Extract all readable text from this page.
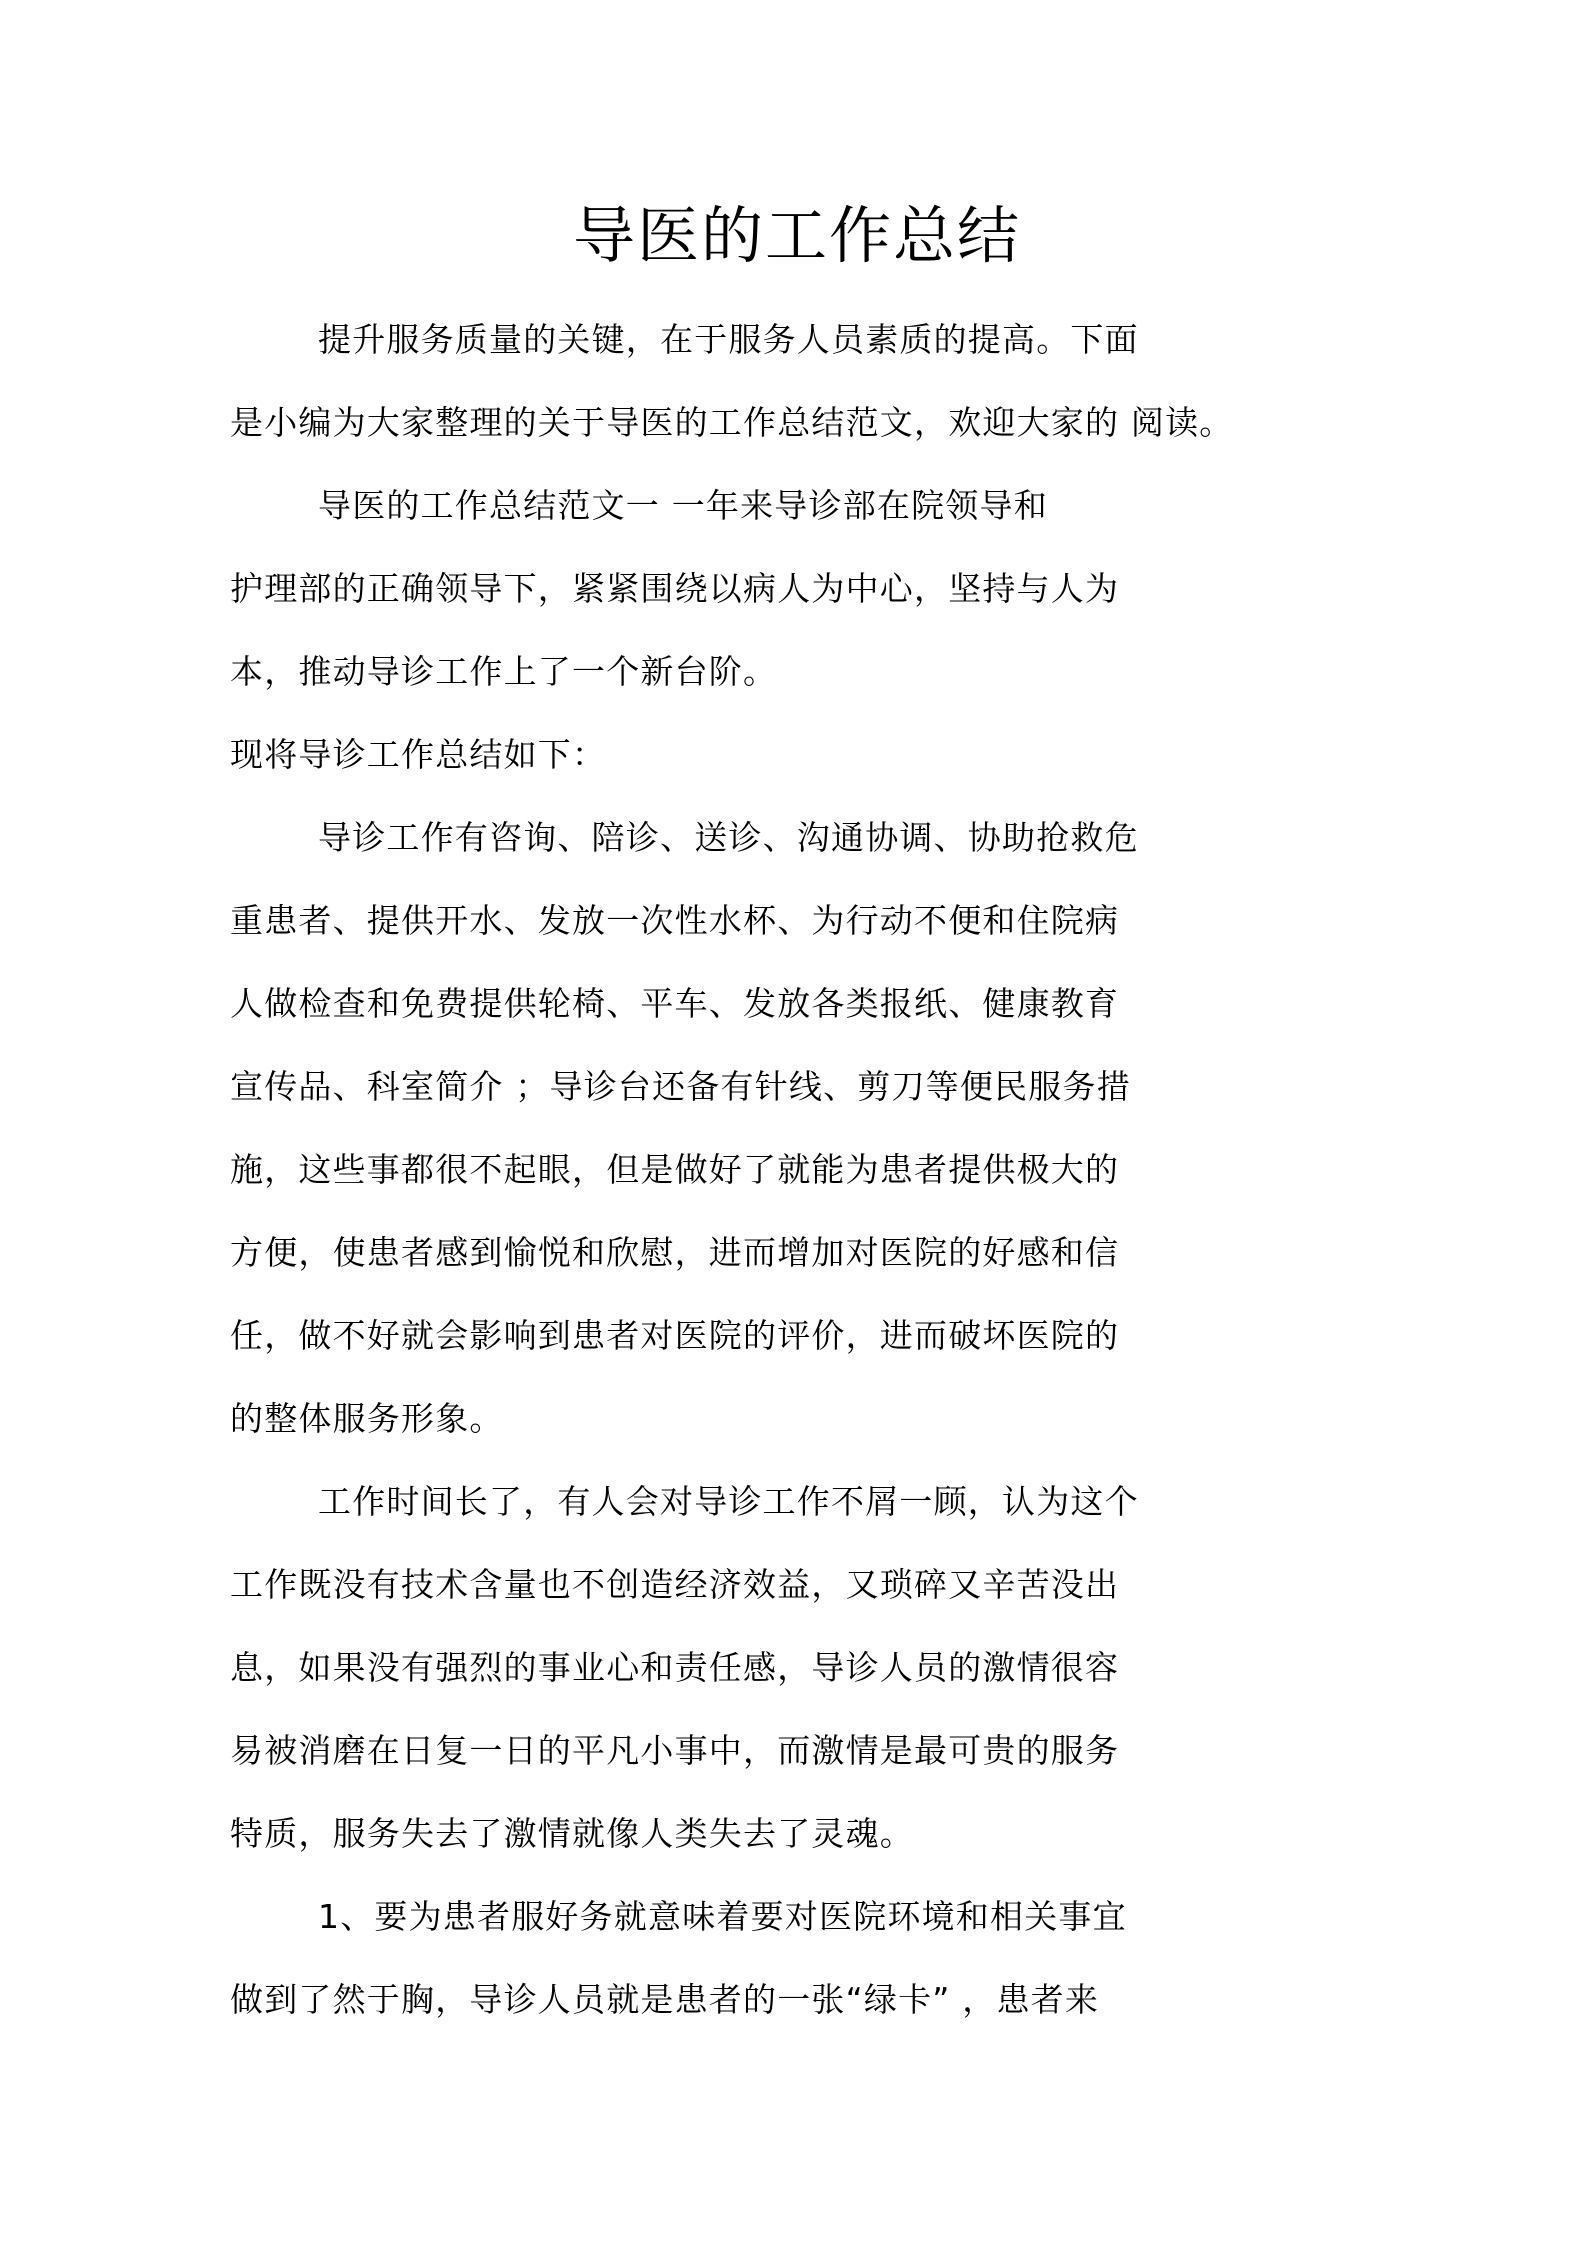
导医的工作总结

提升服务质量的关键，在于服务人员素质的提高。下面

是小编为大家整理的关于导医的工作总结范文，欢迎大家的 阅读。

导医的工作总结范文一 一年来导诊部在院领导和

护理部的正确领导下，紧紧围绕以病人为中心，坚持与人为

本，推动导诊工作上了一个新台阶。

现将导诊工作总结如下：

导诊工作有咨询、陪诊、送诊、沟通协调、协助抢救危

重患者、提供开水、发放一次性水杯、为行动不便和住院病

人做检查和免费提供轮椅、平车、发放各类报纸、健康教育

宣传品、科室简介 ；导诊台还备有针线、剪刀等便民服务措

施，这些事都很不起眼，但是做好了就能为患者提供极大的

方便，使患者感到愉悦和欣慰，进而增加对医院的好感和信

任，做不好就会影响到患者对医院的评价，进而破坏医院的

的整体服务形象。

工作时间长了，有人会对导诊工作不屑一顾，认为这个

工作既没有技术含量也不创造经济效益，又琐碎又辛苦没出

息，如果没有强烈的事业心和责任感，导诊人员的激情很容

易被消磨在日复一日的平凡小事中，而激情是最可贵的服务

特质，服务失去了激情就像人类失去了灵魂。

1、要为患者服好务就意味着要对医院环境和相关事宜

做到了然于胸，导诊人员就是患者的一张“绿卡” ，患者来
